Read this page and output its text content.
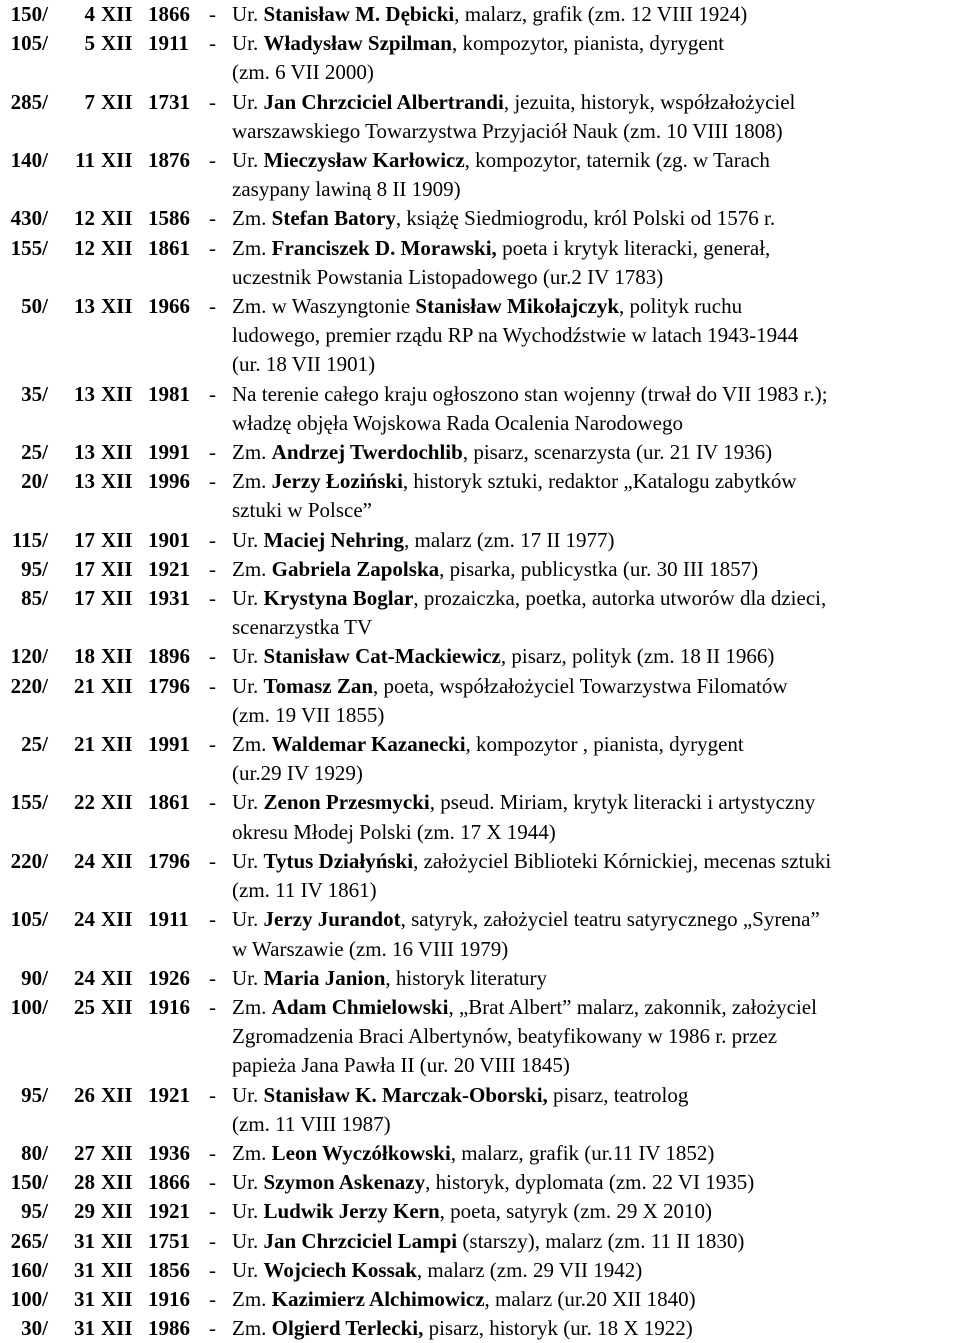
150/ 4 XII 1866 - Ur. Stanisław M. Dębicki, malarz, grafik (zm. 12 VIII 1924)
105/ 5 XII 1911 - Ur. Władysław Szpilman, kompozytor, pianista, dyrygent
(zm. 6 VII 2000)
285/ 7 XII 1731 - Ur. Jan Chrzciciel Albertrandi, jezuita, historyk, współzałożyciel
warszawskiego Towarzystwa Przyjaciół Nauk (zm. 10 VIII 1808)
140/ 11 XII 1876 - Ur. Mieczysław Karłowicz, kompozytor, taternik (zg. w Tarach
zasypany lawiną 8 II 1909)
430/ 12 XII 1586 - Zm. Stefan Batory, książę Siedmiogrodu, król Polski od 1576 r.
155/ 12 XII 1861 - Zm. Franciszek D. Morawski, poeta i krytyk literacki, generał,
uczestnik Powstania Listopadowego (ur.2 IV 1783)
50/ 13 XII 1966 - Zm. w Waszyngtonie Stanisław Mikołajczyk, polityk ruchu
ludowego, premier rządu RP na Wychodźstwie w latach 1943-1944
(ur. 18 VII 1901)
35/ 13 XII 1981 - Na terenie całego kraju ogłoszono stan wojenny (trwał do VII 1983 r.);
władzę objęła Wojskowa Rada Ocalenia Narodowego
25/ 13 XII 1991 - Zm. Andrzej Twerdochlib, pisarz, scenarzysta (ur. 21 IV 1936)
20/ 13 XII 1996 - Zm. Jerzy Łoziński, historyk sztuki, redaktor „Katalogu zabytków
sztuki w Polsce”
115/ 17 XII 1901 - Ur. Maciej Nehring, malarz (zm. 17 II 1977)
95/ 17 XII 1921 - Zm. Gabriela Zapolska, pisarka, publicystka (ur. 30 III 1857)
85/ 17 XII 1931 - Ur. Krystyna Boglar, prozaiczka, poetka, autorka utworów dla dzieci,
scenarzystka TV
120/ 18 XII 1896 - Ur. Stanisław Cat-Mackiewicz, pisarz, polityk (zm. 18 II 1966)
220/ 21 XII 1796 - Ur. Tomasz Zan, poeta, współzałożyciel Towarzystwa Filomatów
(zm. 19 VII 1855)
25/ 21 XII 1991 - Zm. Waldemar Kazanecki, kompozytor , pianista, dyrygent
(ur.29 IV 1929)
155/ 22 XII 1861 - Ur. Zenon Przesmycki, pseud. Miriam, krytyk literacki i artystyczny
okresu Młodej Polski (zm. 17 X 1944)
220/ 24 XII 1796 - Ur. Tytus Działyński, założyciel Biblioteki Kórnickiej, mecenas sztuki
(zm. 11 IV 1861)
105/ 24 XII 1911 - Ur. Jerzy Jurandot, satyryk, założyciel teatru satyrycznego „Syrena”
w Warszawie (zm. 16 VIII 1979)
90/ 24 XII 1926 - Ur. Maria Janion, historyk literatury
100/ 25 XII 1916 - Zm. Adam Chmielowski, „Brat Albert” malarz, zakonnik, założyciel
Zgromadzenia Braci Albertynów, beatyfikowany w 1986 r. przez
papieża Jana Pawła II (ur. 20 VIII 1845)
95/ 26 XII 1921 - Ur. Stanisław K. Marczak-Oborski, pisarz, teatrolog
(zm. 11 VIII 1987)
80/ 27 XII 1936 - Zm. Leon Wyczółkowski, malarz, grafik (ur.11 IV 1852)
150/ 28 XII 1866 - Ur. Szymon Askenazy, historyk, dyplomata (zm. 22 VI 1935)
95/ 29 XII 1921 - Ur. Ludwik Jerzy Kern, poeta, satyryk (zm. 29 X 2010)
265/ 31 XII 1751 - Ur. Jan Chrzciciel Lampi (starszy), malarz (zm. 11 II 1830)
160/ 31 XII 1856 - Ur. Wojciech Kossak, malarz (zm. 29 VII 1942)
100/ 31 XII 1916 - Zm. Kazimierz Alchimowicz, malarz (ur.20 XII 1840)
30/ 31 XII 1986 - Zm. Olgierd Terlecki, pisarz, historyk (ur. 18 X 1922)
